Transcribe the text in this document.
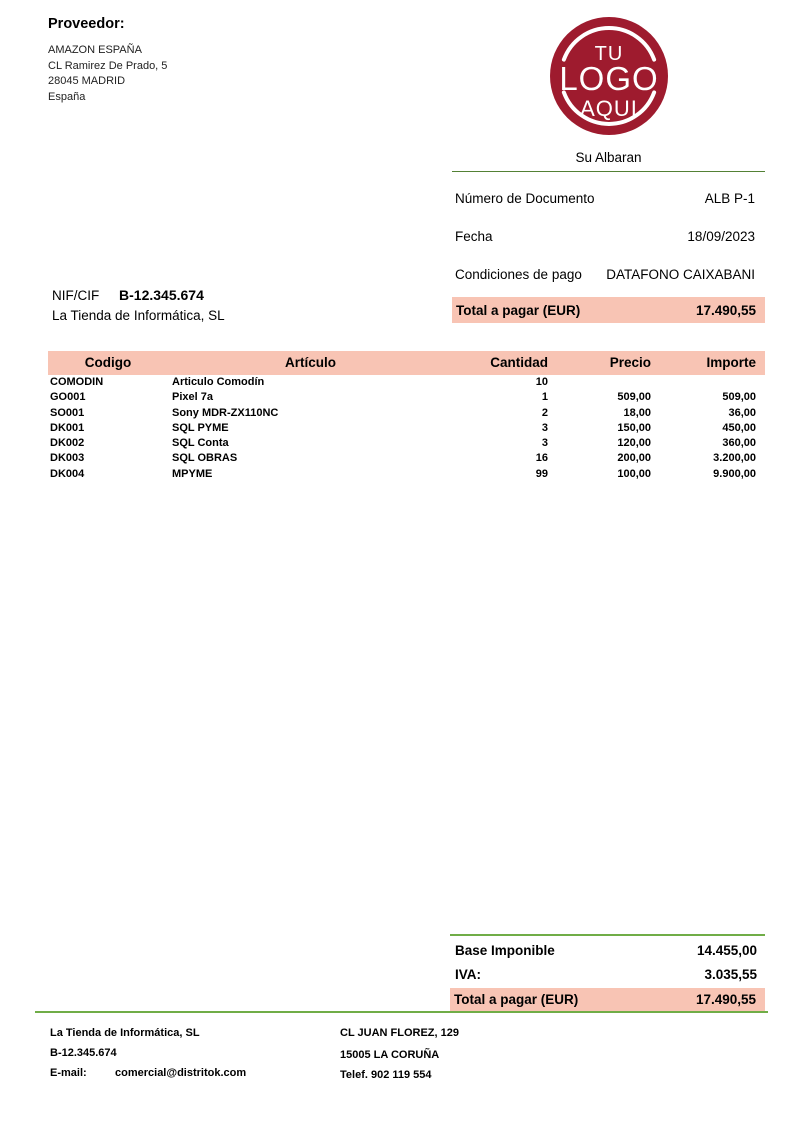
Proveedor:
AMAZON ESPAÑA
CL Ramirez De Prado, 5
28045 MADRID
España
TU
LOGO
AQUI
Su Albaran
Número de Documento	ALB P-1
Fecha	18/09/2023
Condiciones de pago DATAFONO CAIXABANI
Total a pagar (EUR)	17.490,55
NIF/CIF B-12.345.674
La Tienda de Informática, SL
Codigo	Artículo	Cantidad	Precio	Importe
COMODIN	Articulo Comodín	10
GO001	Pixel 7a	1	509,00	509,00
SO001	Sony MDR-ZX110NC	2	18,00	36,00
DK001	SQL PYME	3	150,00	450,00
DK002	SQL Conta	3	120,00	360,00
DK003	SQL OBRAS	16	200,00	3.200,00
DK004	MPYME	99	100,00	9.900,00
Base Imponible	14.455,00
IVA:	3.035,55
Total a pagar (EUR)	17.490,55
La Tienda de Informática, SL
B-12.345.674
E-mail:	comercial@distritok.com
CL JUAN FLOREZ, 129
15005 LA CORUÑA
Telef. 902 119 554
